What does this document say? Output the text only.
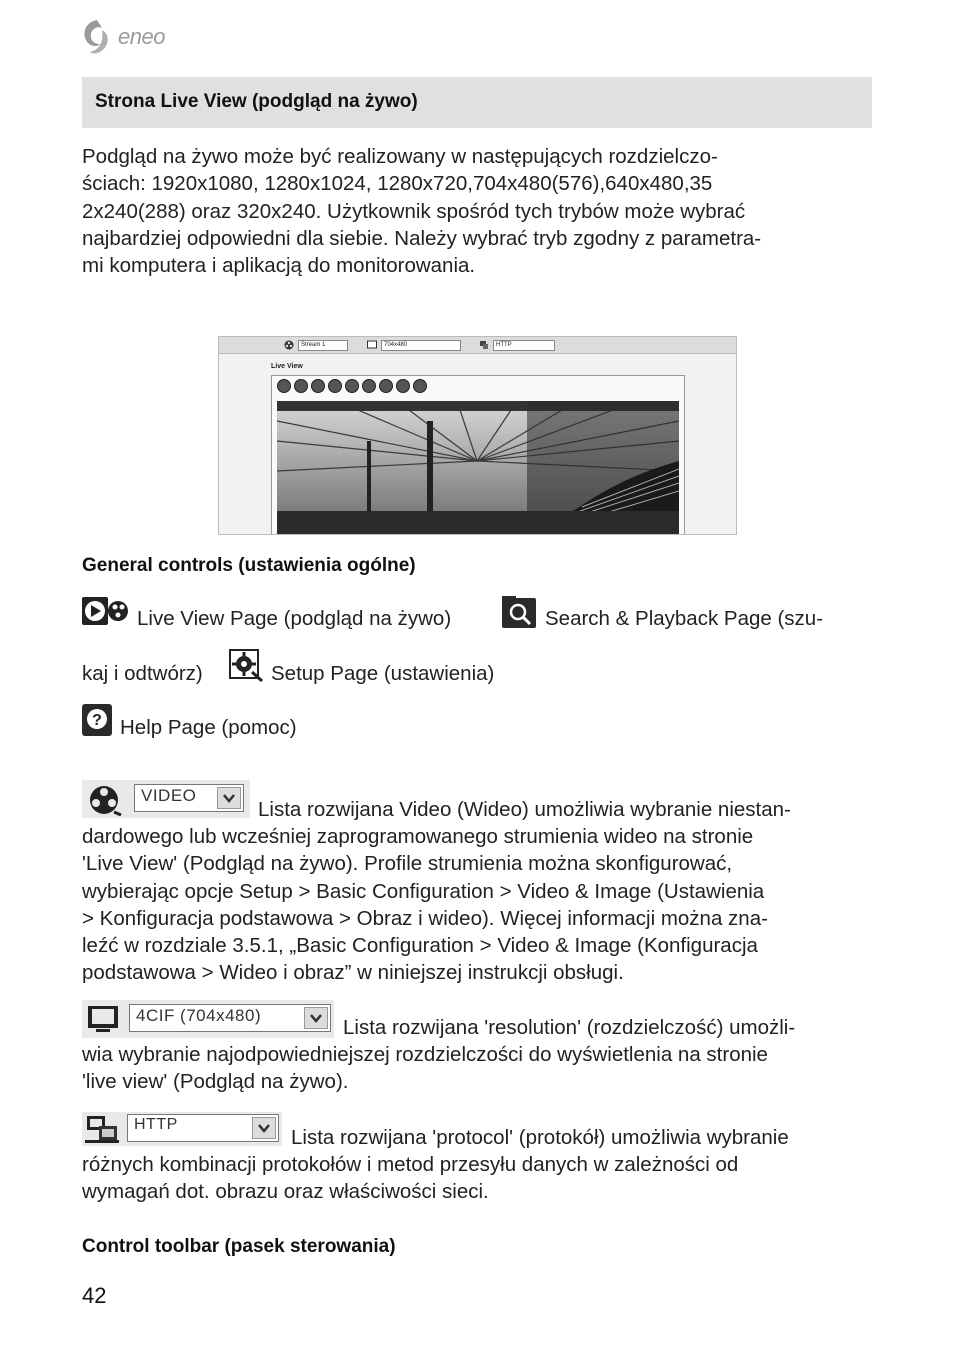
eneo
Strona Live View (podgląd na żywo)
Podgląd na żywo może być realizowany w następujących rozdzielczo-
ściach: 1920x1080, 1280x1024, 1280x720,704x480(576),640x480,35
2x240(288) oraz 320x240. Użytkownik spośród tych trybów może wybrać
najbardziej odpowiedni dla siebie. Należy wybrać tryb zgodny z parametra-
mi komputera i aplikacją do monitorowania.
Stream 1	704x480	HTTP
Live View
General controls (ustawienia ogólne)
Live View Page (podgląd na żywo)	Search & Playback Page (szu-
kaj i odtwórz)	Setup Page (ustawienia)
? Help Page (pomoc)
VIDEO
Lista rozwijana Video (Wideo) umożliwia wybranie niestan-
dardowego lub wcześniej zaprogramowanego strumienia wideo na stronie
'Live View' (Podgląd na żywo). Profile strumienia można skonfigurować,
wybierając opcje Setup > Basic Configuration > Video & Image (Ustawienia
> Konfiguracja podstawowa > Obraz i wideo). Więcej informacji można zna-
leźć w rozdziale 3.5.1, „Basic Configuration > Video & Image (Konfiguracja
podstawowa > Wideo i obraz” w niniejszej instrukcji obsługi.
4CIF (704x480)
Lista rozwijana 'resolution' (rozdzielczość) umożli-
wia wybranie najodpowiedniejszej rozdzielczości do wyświetlenia na stronie
'live view' (Podgląd na żywo).
HTTP
Lista rozwijana 'protocol' (protokół) umożliwia wybranie
różnych kombinacji protokołów i metod przesyłu danych w zależności od
wymagań dot. obrazu oraz właściwości sieci.
Control toolbar (pasek sterowania)
42
